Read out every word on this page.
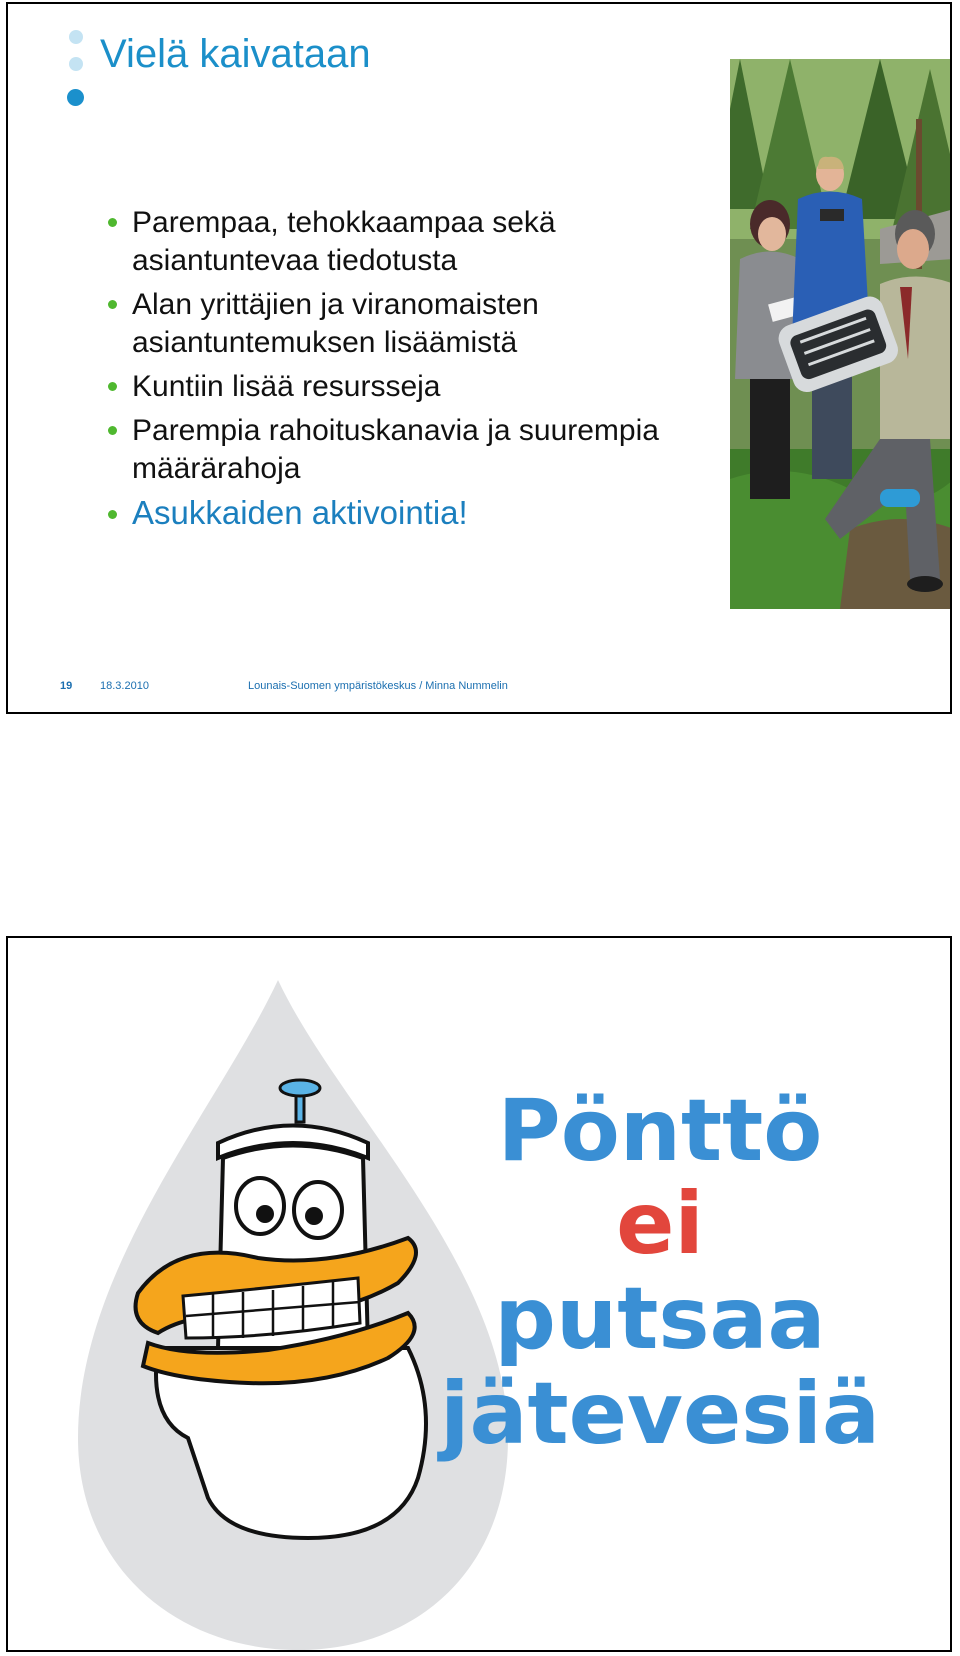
Vielä kaivataan
Parempaa, tehokkaampaa sekä asiantuntevaa tiedotusta
Alan yrittäjien ja viranomaisten asiantuntemuksen lisäämistä
Kuntiin lisää resursseja
Parempia rahoituskanavia ja suurempia määrärahoja
Asukkaiden aktivointia!
19	18.3.2010	Lounais-Suomen ympäristökeskus / Minna Nummelin
Pönttö
ei
putsaa
jätevesiä
